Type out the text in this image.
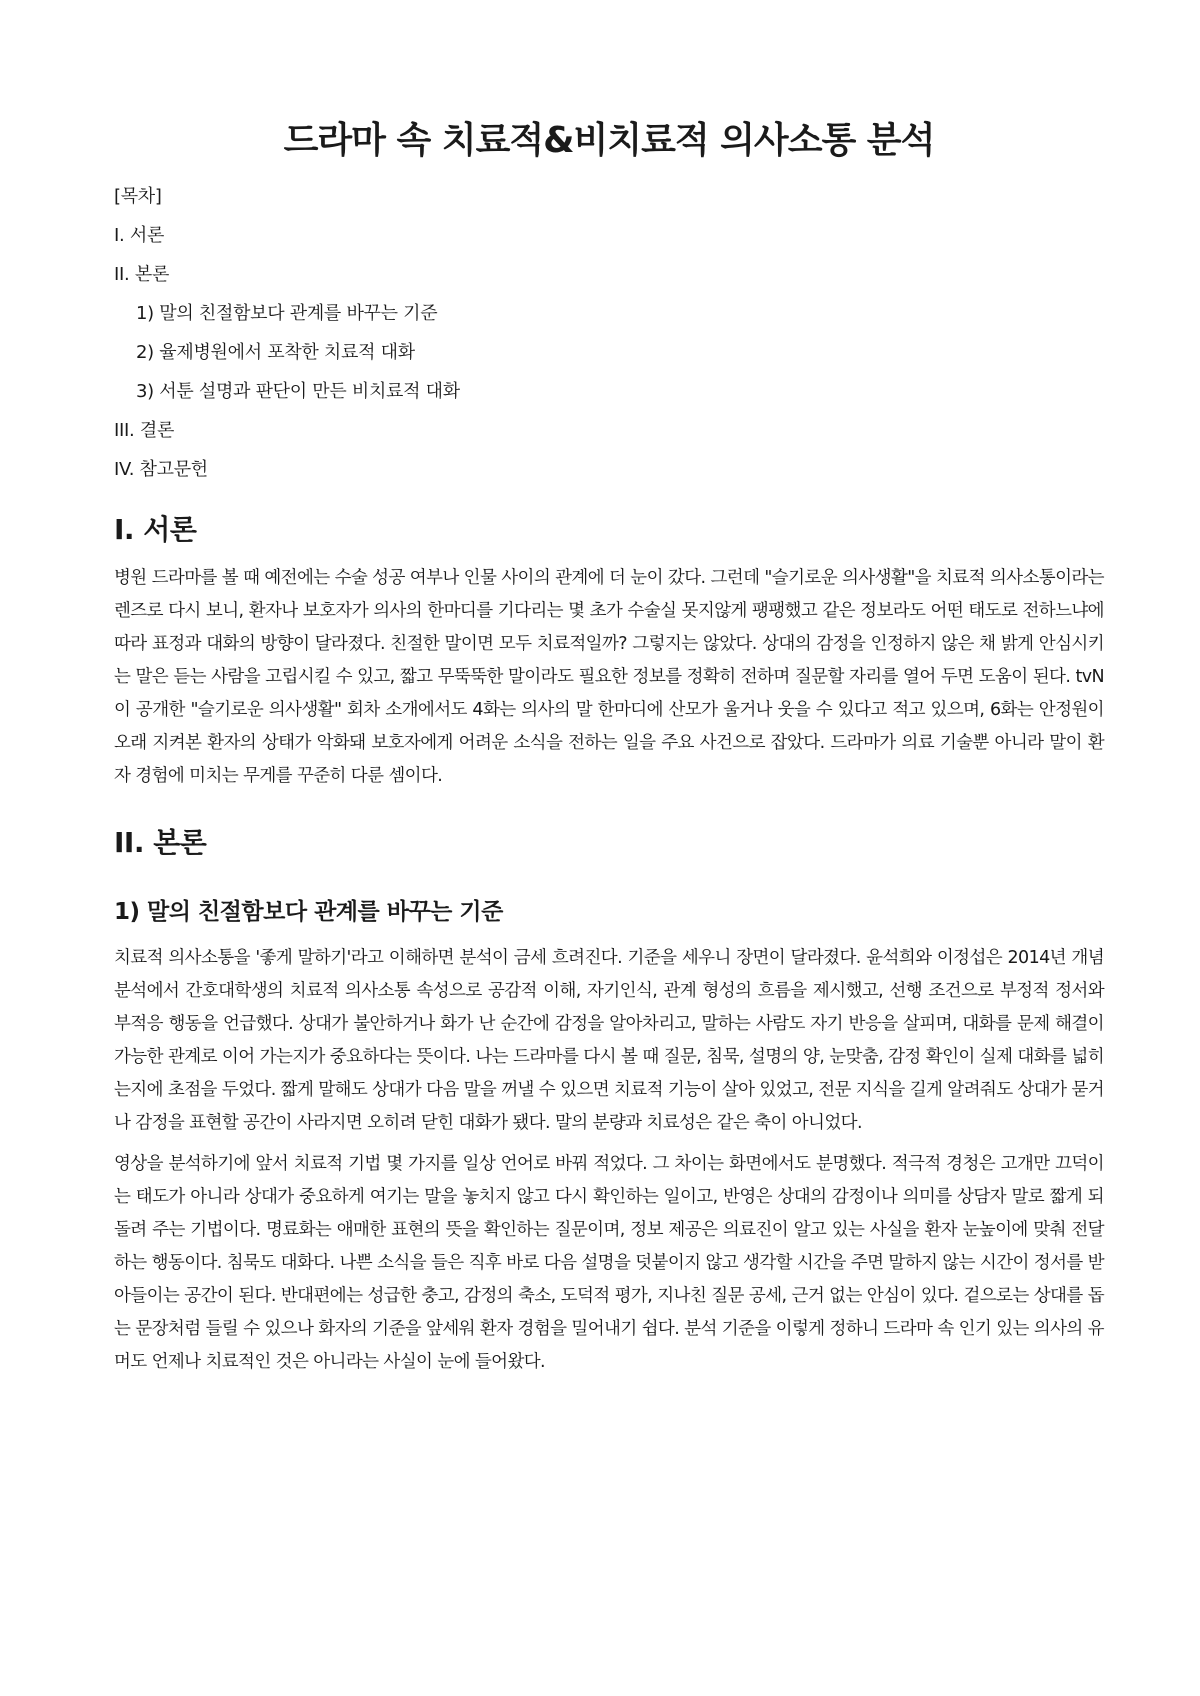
드라마 속 치료적&비치료적 의사소통 분석
[목차]
I. 서론
II. 본론
1) 말의 친절함보다 관계를 바꾸는 기준
2) 율제병원에서 포착한 치료적 대화
3) 서툰 설명과 판단이 만든 비치료적 대화
III. 결론
IV. 참고문헌
I. 서론

병원 드라마를 볼 때 예전에는 수술 성공 여부나 인물 사이의 관계에 더 눈이 갔다. 그런데 "슬기로운 의사생활"을 치료적 의사소통이라는 렌즈로 다시 보니, 환자나 보호자가 의사의 한마디를 기다리는 몇 초가 수술실 못지않게 팽팽했고 같은 정보라도 어떤 태도로 전하느냐에 따라 표정과 대화의 방향이 달라졌다. 친절한 말이면 모두 치료적일까? 그렇지는 않았다. 상대의 감정을 인정하지 않은 채 밝게 안심시키는 말은 듣는 사람을 고립시킬 수 있고, 짧고 무뚝뚝한 말이라도 필요한 정보를 정확히 전하며 질문할 자리를 열어 두면 도움이 된다. tvN이 공개한 "슬기로운 의사생활" 회차 소개에서도 4화는 의사의 말 한마디에 산모가 울거나 웃을 수 있다고 적고 있으며, 6화는 안정원이 오래 지켜본 환자의 상태가 악화돼 보호자에게 어려운 소식을 전하는 일을 주요 사건으로 잡았다. 드라마가 의료 기술뿐 아니라 말이 환자 경험에 미치는 무게를 꾸준히 다룬 셈이다.

II. 본론
1) 말의 친절함보다 관계를 바꾸는 기준

치료적 의사소통을 '좋게 말하기'라고 이해하면 분석이 금세 흐려진다. 기준을 세우니 장면이 달라졌다. 윤석희와 이정섭은 2014년 개념분석에서 간호대학생의 치료적 의사소통 속성으로 공감적 이해, 자기인식, 관계 형성의 흐름을 제시했고, 선행 조건으로 부정적 정서와 부적응 행동을 언급했다. 상대가 불안하거나 화가 난 순간에 감정을 알아차리고, 말하는 사람도 자기 반응을 살피며, 대화를 문제 해결이 가능한 관계로 이어 가는지가 중요하다는 뜻이다. 나는 드라마를 다시 볼 때 질문, 침묵, 설명의 양, 눈맞춤, 감정 확인이 실제 대화를 넓히는지에 초점을 두었다. 짧게 말해도 상대가 다음 말을 꺼낼 수 있으면 치료적 기능이 살아 있었고, 전문 지식을 길게 알려줘도 상대가 묻거나 감정을 표현할 공간이 사라지면 오히려 닫힌 대화가 됐다. 말의 분량과 치료성은 같은 축이 아니었다.

영상을 분석하기에 앞서 치료적 기법 몇 가지를 일상 언어로 바꿔 적었다. 그 차이는 화면에서도 분명했다. 적극적 경청은 고개만 끄덕이는 태도가 아니라 상대가 중요하게 여기는 말을 놓치지 않고 다시 확인하는 일이고, 반영은 상대의 감정이나 의미를 상담자 말로 짧게 되돌려 주는 기법이다. 명료화는 애매한 표현의 뜻을 확인하는 질문이며, 정보 제공은 의료진이 알고 있는 사실을 환자 눈높이에 맞춰 전달하는 행동이다. 침묵도 대화다. 나쁜 소식을 들은 직후 바로 다음 설명을 덧붙이지 않고 생각할 시간을 주면 말하지 않는 시간이 정서를 받아들이는 공간이 된다. 반대편에는 성급한 충고, 감정의 축소, 도덕적 평가, 지나친 질문 공세, 근거 없는 안심이 있다. 겉으로는 상대를 돕는 문장처럼 들릴 수 있으나 화자의 기준을 앞세워 환자 경험을 밀어내기 쉽다. 분석 기준을 이렇게 정하니 드라마 속 인기 있는 의사의 유머도 언제나 치료적인 것은 아니라는 사실이 눈에 들어왔다.
